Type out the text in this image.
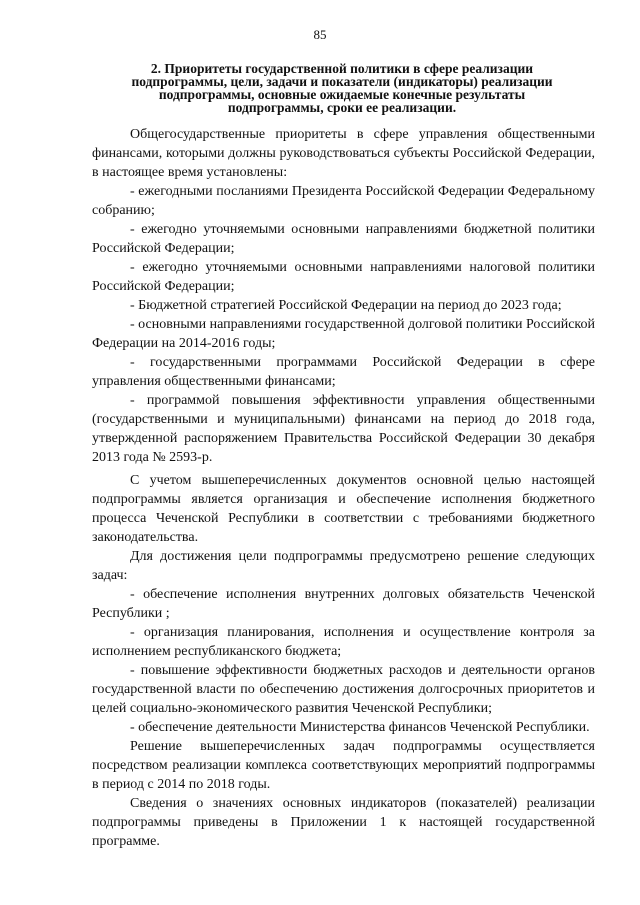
85
2. Приоритеты государственной политики в сфере реализации
подпрограммы, цели, задачи и показатели (индикаторы) реализации
подпрограммы, основные ожидаемые конечные результаты
подпрограммы, сроки ее реализации.

Общегосударственные приоритеты в сфере управления общественными финансами, которыми должны руководствоваться субъекты Российской Федерации, в настоящее время установлены:

- ежегодными посланиями Президента Российской Федерации Федеральному собранию;

- ежегодно уточняемыми основными направлениями бюджетной политики Российской Федерации;

- ежегодно уточняемыми основными направлениями налоговой политики Российской Федерации;

- Бюджетной стратегией Российской Федерации на период до 2023 года;

- основными направлениями государственной долговой политики Российской Федерации на 2014-2016 годы;

- государственными программами Российской Федерации в сфере управления общественными финансами;

- программой повышения эффективности управления общественными (государственными и муниципальными) финансами на период до 2018 года, утвержденной распоряжением Правительства Российской Федерации 30 декабря 2013 года № 2593-р.

С учетом вышеперечисленных документов основной целью настоящей подпрограммы является организация и обеспечение исполнения бюджетного процесса Чеченской Республики в соответствии с требованиями бюджетного законодательства.

Для достижения цели подпрограммы предусмотрено решение следующих задач:

- обеспечение исполнения внутренних долговых обязательств Чеченской Республики ;

- организация планирования, исполнения и осуществление контроля за исполнением республиканского бюджета;

- повышение эффективности бюджетных расходов и деятельности органов государственной власти по обеспечению достижения долгосрочных приоритетов и целей социально-экономического развития Чеченской Республики;

- обеспечение деятельности Министерства финансов Чеченской Республики.

Решение вышеперечисленных задач подпрограммы осуществляется посредством реализации комплекса соответствующих мероприятий подпрограммы в период с 2014 по 2018 годы.

Сведения о значениях основных индикаторов (показателей) реализации подпрограммы приведены в Приложении 1 к настоящей государственной программе.
